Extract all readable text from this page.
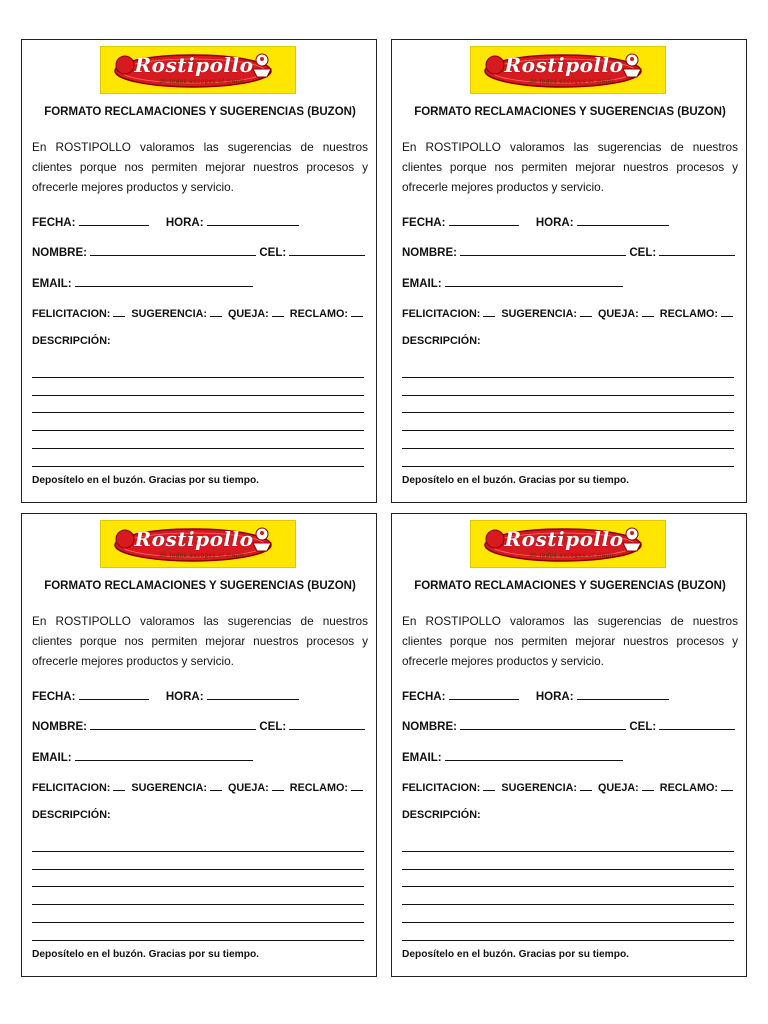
Rostipollo
de todos escoges el mejor
FORMATO RECLAMACIONES Y SUGERENCIAS (BUZON)
En ROSTIPOLLO valoramos las sugerencias de nuestros clientes porque nos permiten mejorar nuestros procesos y ofrecerle mejores productos y servicio.
FECHA:	HORA:
NOMBRE:	CEL:
EMAIL:
FELICITACION: SUGERENCIA: QUEJA: RECLAMO:
DESCRIPCIÓN:
Deposítelo en el buzón. Gracias por su tiempo.
Rostipollo
de todos escoges el mejor
FORMATO RECLAMACIONES Y SUGERENCIAS (BUZON)
En ROSTIPOLLO valoramos las sugerencias de nuestros clientes porque nos permiten mejorar nuestros procesos y ofrecerle mejores productos y servicio.
FECHA:	HORA:
NOMBRE:	CEL:
EMAIL:
FELICITACION: SUGERENCIA: QUEJA: RECLAMO:
DESCRIPCIÓN:
Deposítelo en el buzón. Gracias por su tiempo.
Rostipollo
de todos escoges el mejor
FORMATO RECLAMACIONES Y SUGERENCIAS (BUZON)
En ROSTIPOLLO valoramos las sugerencias de nuestros clientes porque nos permiten mejorar nuestros procesos y ofrecerle mejores productos y servicio.
FECHA:	HORA:
NOMBRE:	CEL:
EMAIL:
FELICITACION: SUGERENCIA: QUEJA: RECLAMO:
DESCRIPCIÓN:
Deposítelo en el buzón. Gracias por su tiempo.
Rostipollo
de todos escoges el mejor
FORMATO RECLAMACIONES Y SUGERENCIAS (BUZON)
En ROSTIPOLLO valoramos las sugerencias de nuestros clientes porque nos permiten mejorar nuestros procesos y ofrecerle mejores productos y servicio.
FECHA:	HORA:
NOMBRE:	CEL:
EMAIL:
FELICITACION: SUGERENCIA: QUEJA: RECLAMO:
DESCRIPCIÓN:
Deposítelo en el buzón. Gracias por su tiempo.
